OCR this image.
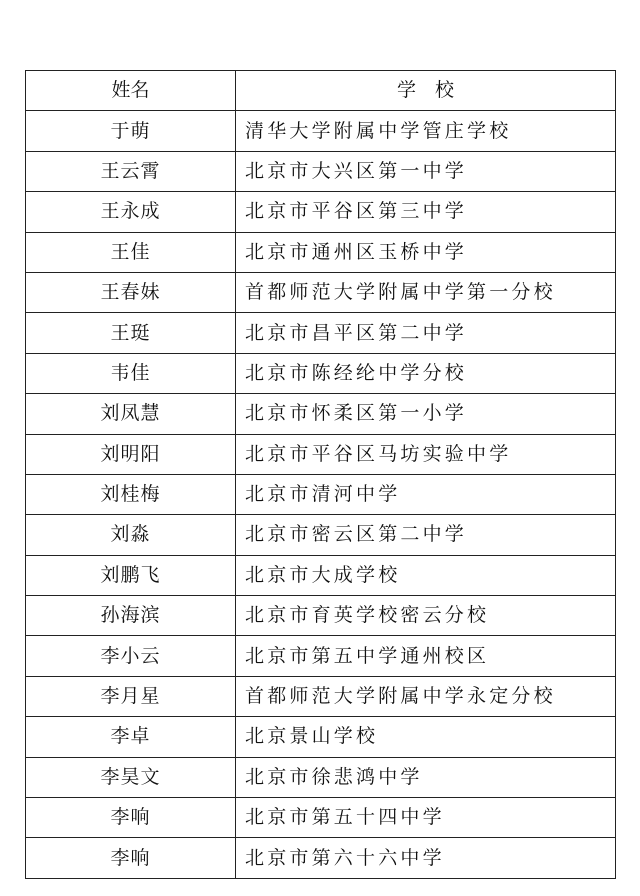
姓名	学　校
于萌	清华大学附属中学管庄学校
王云霄	北京市大兴区第一中学
王永成	北京市平谷区第三中学
王佳	北京市通州区玉桥中学
王春妹	首都师范大学附属中学第一分校
王珽	北京市昌平区第二中学
韦佳	北京市陈经纶中学分校
刘凤慧	北京市怀柔区第一小学
刘明阳	北京市平谷区马坊实验中学
刘桂梅	北京市清河中学
刘淼	北京市密云区第二中学
刘鹏飞	北京市大成学校
孙海滨	北京市育英学校密云分校
李小云	北京市第五中学通州校区
李月星	首都师范大学附属中学永定分校
李卓	北京景山学校
李昊文	北京市徐悲鸿中学
李响	北京市第五十四中学
李响	北京市第六十六中学
